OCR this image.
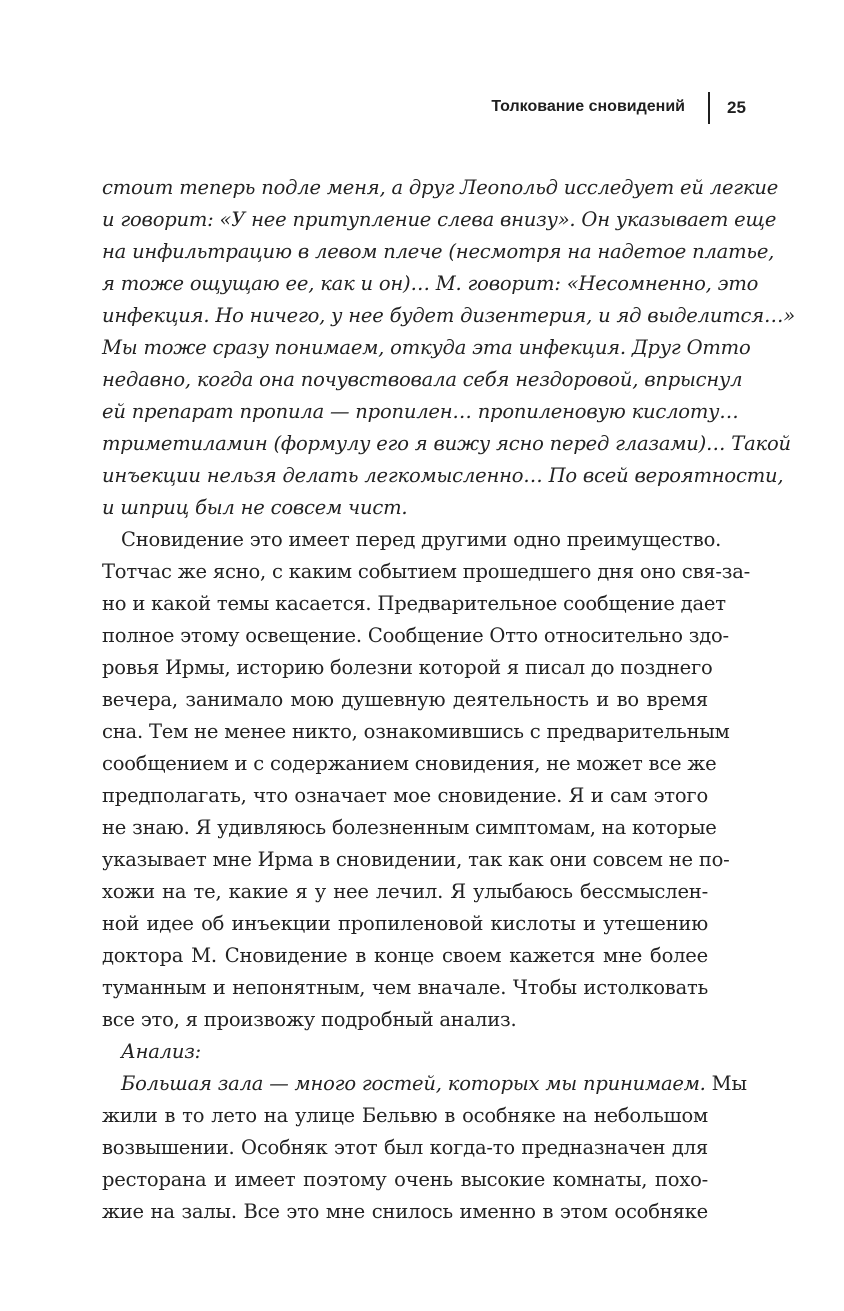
Толкование сновидений 25
стоит теперь подле меня, а друг Леопольд исследует ей легкие
и говорит: «У нее притупление слева внизу». Он указывает еще
на инфильтрацию в левом плече (несмотря на надетое платье,
я тоже ощущаю ее, как и он)… М. говорит: «Несомненно, это
инфекция. Но ничего, у нее будет дизентерия, и яд выделится…»
Мы тоже сразу понимаем, откуда эта инфекция. Друг Отто
недавно, когда она почувствовала себя нездоровой, впрыснул
ей препарат пропила — пропилен… пропиленовую кислоту…
триметиламин (формулу его я вижу ясно перед глазами)… Такой
инъекции нельзя делать легкомысленно… По всей вероятности,
и шприц был не совсем чист.
Сновидение это имеет перед другими одно преимущество.
Тотчас же ясно, с каким событием прошедшего дня оно свя-за-
но и какой темы касается. Предварительное сообщение дает
полное этому освещение. Сообщение Отто относительно здо-
ровья Ирмы, историю болезни которой я писал до позднего
вечера, занимало мою душевную деятельность и во время
сна. Тем не менее никто, ознакомившись с предварительным
сообщением и с содержанием сновидения, не может все же
предполагать, что означает мое сновидение. Я и сам этого
не знаю. Я удивляюсь болезненным симптомам, на которые
указывает мне Ирма в сновидении, так как они совсем не по-
хожи на те, какие я у нее лечил. Я улыбаюсь бессмыслен-
ной идее об инъекции пропиленовой кислоты и утешению
доктора М. Сновидение в конце своем кажется мне более
туманным и непонятным, чем вначале. Чтобы истолковать
все это, я произвожу подробный анализ.
Анализ:
Большая зала — много гостей, которых мы принимаем. Мы
жили в то лето на улице Бельвю в особняке на небольшом
возвышении. Особняк этот был когда-то предназначен для
ресторана и имеет поэтому очень высокие комнаты, похо-
жие на залы. Все это мне снилось именно в этом особняке
